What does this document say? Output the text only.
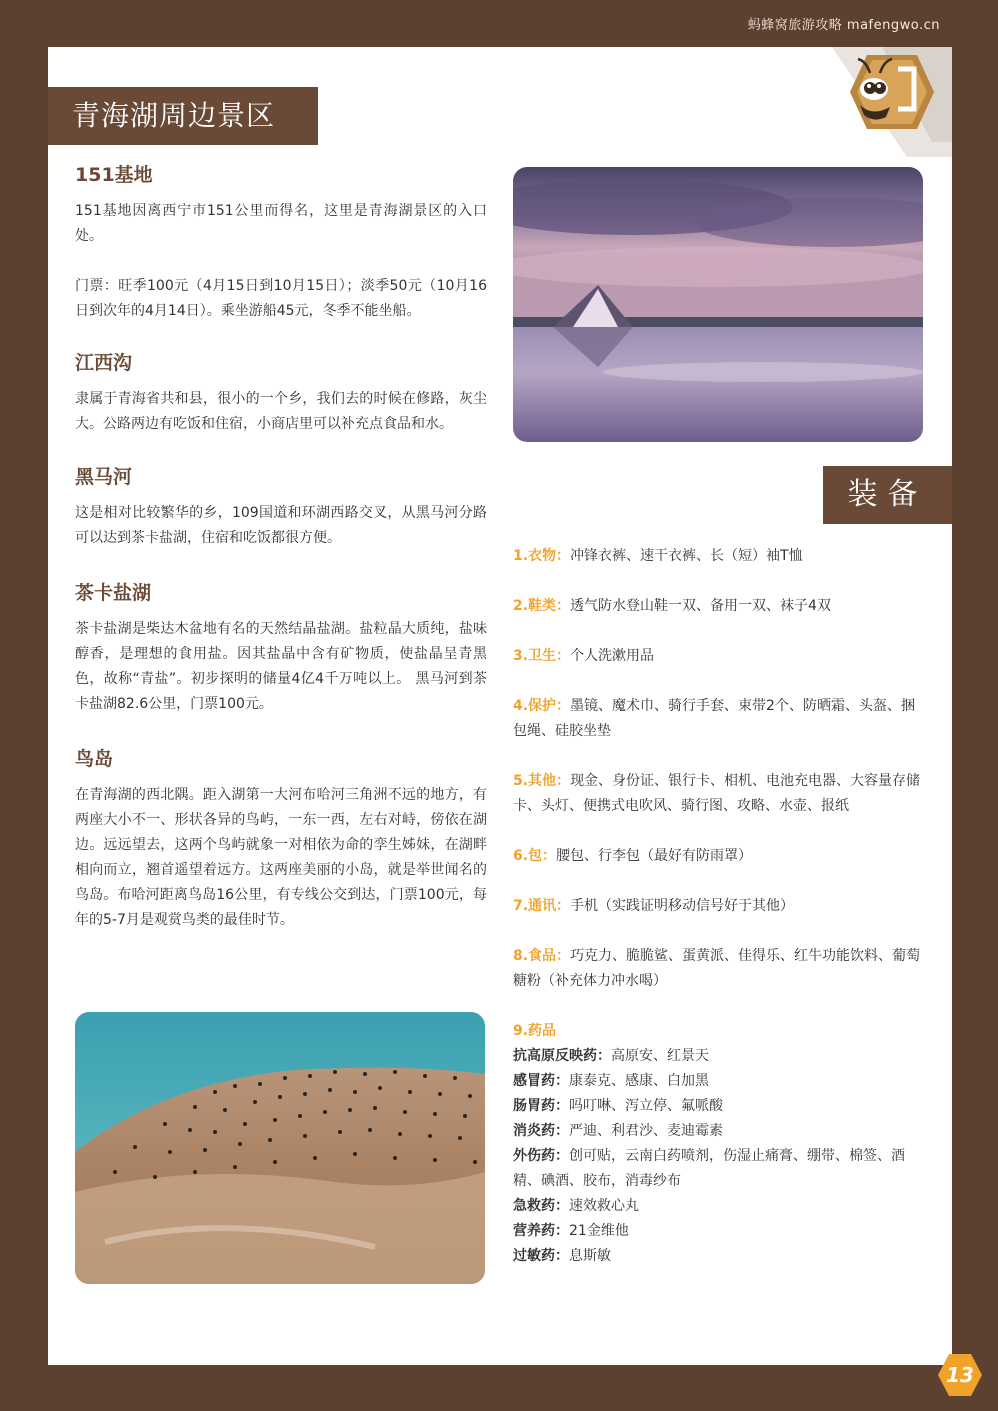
蚂蜂窝旅游攻略 mafengwo.cn
青海湖周边景区
151基地

151基地因离西宁市151公里而得名，这里是青海湖景区的入口处。

门票：旺季100元（4月15日到10月15日）；淡季50元（10月16日到次年的4月14日）。乘坐游船45元，冬季不能坐船。

江西沟

隶属于青海省共和县，很小的一个乡，我们去的时候在修路，灰尘大。公路两边有吃饭和住宿，小商店里可以补充点食品和水。

黑马河

这是相对比较繁华的乡，109国道和环湖西路交叉，从黑马河分路可以达到茶卡盐湖，住宿和吃饭都很方便。

茶卡盐湖

茶卡盐湖是柴达木盆地有名的天然结晶盐湖。盐粒晶大质纯，盐味醇香，是理想的食用盐。因其盐晶中含有矿物质，使盐晶呈青黑色，故称“青盐”。初步探明的储量4亿4千万吨以上。 黑马河到茶卡盐湖82.6公里，门票100元。

鸟岛

在青海湖的西北隅。距入湖第一大河布哈河三角洲不远的地方，有两座大小不一、形状各异的鸟屿，一东一西，左右对峙，傍依在湖边。远远望去，这两个鸟屿就象一对相依为命的孪生姊妹，在湖畔相向而立，翘首遥望着远方。这两座美丽的小岛，就是举世闻名的鸟岛。布哈河距离鸟岛16公里，有专线公交到达，门票100元，每年的5-7月是观赏鸟类的最佳时节。

装备
1.衣物：冲锋衣裤、速干衣裤、长（短）袖T恤
2.鞋类：透气防水登山鞋一双、备用一双、袜子4双
3.卫生：个人洗漱用品
4.保护：墨镜、魔术巾、骑行手套、束带2个、防晒霜、头盔、捆包绳、硅胶坐垫
5.其他：现金、身份证、银行卡、相机、电池充电器、大容量存储卡、头灯、便携式电吹风、骑行图、攻略、水壶、报纸
6.包：腰包、行李包（最好有防雨罩）
7.通讯：手机（实践证明移动信号好于其他）
8.食品：巧克力、脆脆鲨、蛋黄派、佳得乐、红牛功能饮料、葡萄糖粉（补充体力冲水喝）
9.药品
抗高原反映药：高原安、红景天
感冒药：康泰克、感康、白加黑
肠胃药：吗叮啉、泻立停、氟哌酸
消炎药：严迪、利君沙、麦迪霉素
外伤药：创可贴，云南白药喷剂，伤湿止痛膏、绷带、棉签、酒精、碘酒、胶布，消毒纱布
急救药：速效救心丸
营养药：21金维他
过敏药：息斯敏
13
